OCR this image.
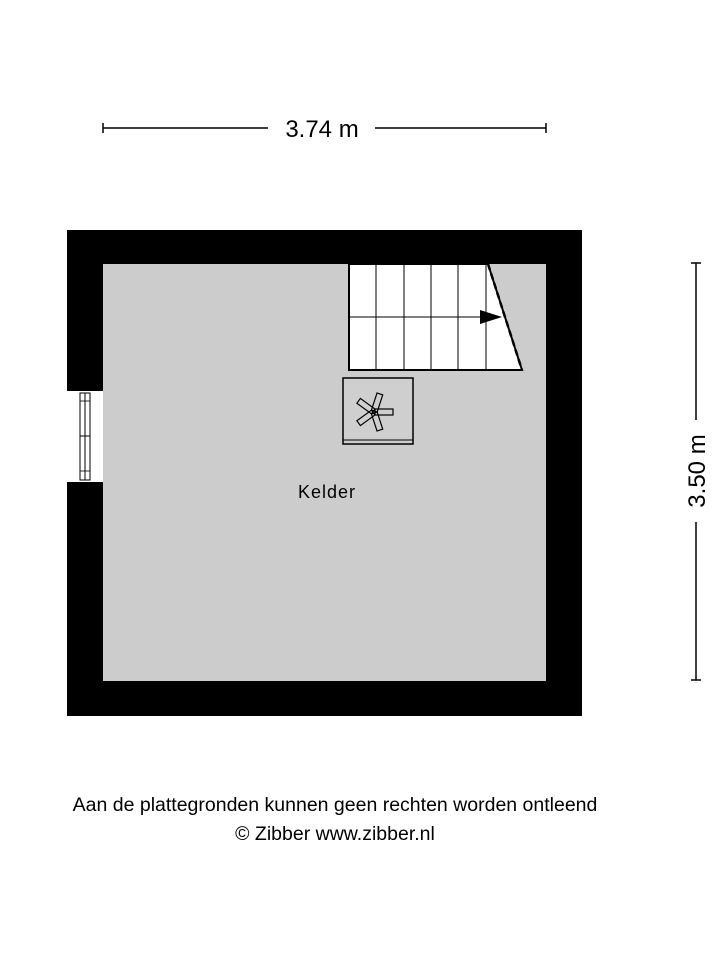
3.74 m
3.50 m
Kelder
Aan de plattegronden kunnen geen rechten worden ontleend
© Zibber www.zibber.nl
